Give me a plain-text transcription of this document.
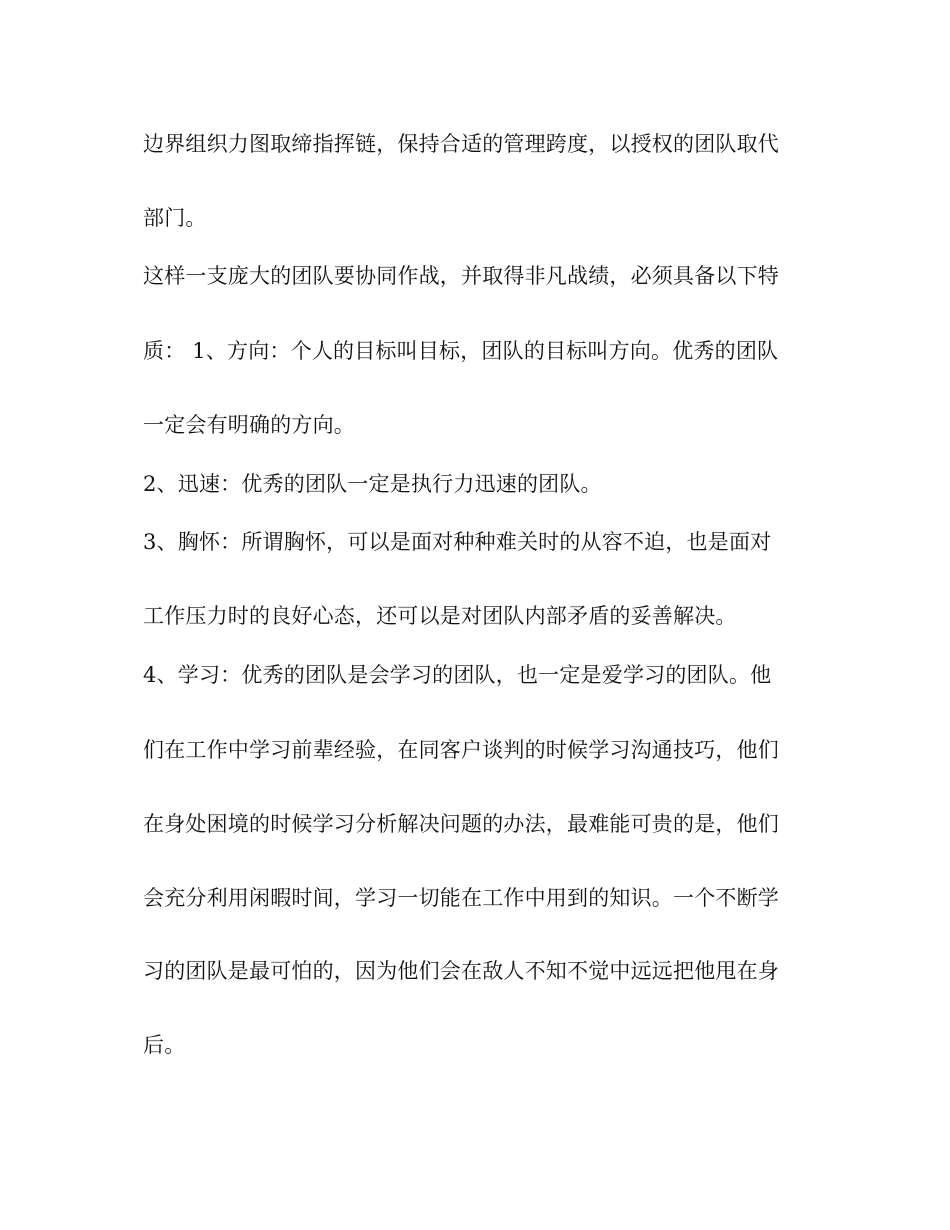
边界组织力图取缔指挥链，保持合适的管理跨度，以授权的团队取代
部门。
这样一支庞大的团队要协同作战，并取得非凡战绩，必须具备以下特
质： 1、方向：个人的目标叫目标，团队的目标叫方向。优秀的团队
一定会有明确的方向。
2、迅速：优秀的团队一定是执行力迅速的团队。
3、胸怀：所谓胸怀，可以是面对种种难关时的从容不迫，也是面对
工作压力时的良好心态，还可以是对团队内部矛盾的妥善解决。
4、学习：优秀的团队是会学习的团队，也一定是爱学习的团队。他
们在工作中学习前辈经验，在同客户谈判的时候学习沟通技巧，他们
在身处困境的时候学习分析解决问题的办法，最难能可贵的是，他们
会充分利用闲暇时间，学习一切能在工作中用到的知识。一个不断学
习的团队是最可怕的，因为他们会在敌人不知不觉中远远把他甩在身
后。
